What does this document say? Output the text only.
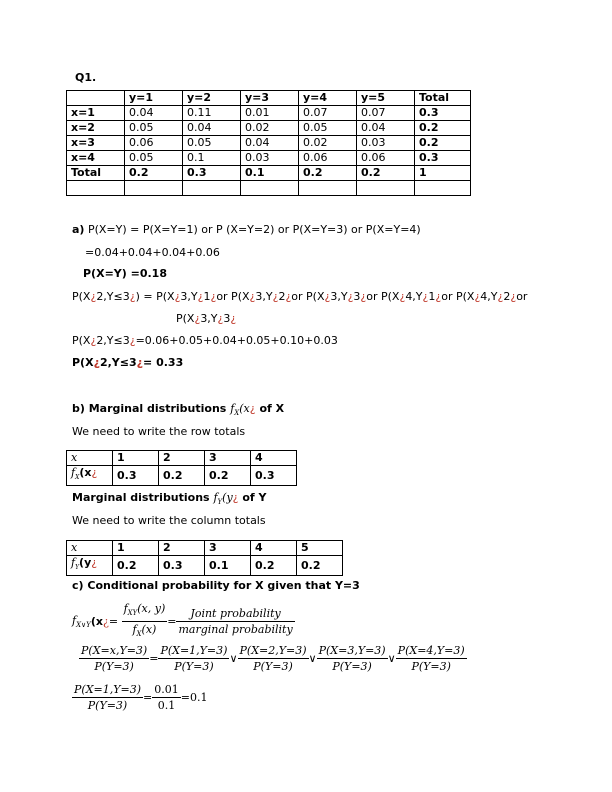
Q1.
	y=1	y=2	y=3	y=4	y=5	Total
x=1	0.04	0.11	0.01	0.07	0.07	0.3
x=2	0.05	0.04	0.02	0.05	0.04	0.2
x=3	0.06	0.05	0.04	0.02	0.03	0.2
x=4	0.05	0.1	0.03	0.06	0.06	0.3
Total	0.2	0.3	0.1	0.2	0.2	1

a) P(X=Y) = P(X=Y=1) or P (X=Y=2) or P(X=Y=3) or P(X=Y=4)
=0.04+0.04+0.04+0.06
P(X=Y) =0.18
P(X¿2,Y≤3¿) = P(X¿3,Y¿1¿or P(X¿3,Y¿2¿or P(X¿3,Y¿3¿or P(X¿4,Y¿1¿or P(X¿4,Y¿2¿or
P(X¿3,Y¿3¿
P(X¿2,Y≤3¿=0.06+0.05+0.04+0.05+0.10+0.03
P(X¿2,Y≤3¿= 0.33
b) Marginal distributions $f_X(x¿$ of X
We need to write the row totals
x	1	2	3	4
$f_X(x¿$	0.3	0.2	0.2	0.3
Marginal distributions $f_Y(y¿$ of Y
We need to write the column totals
x	1	2	3	4	5
$f_Y(y¿$	0.2	0.3	0.1	0.2	0.2
c) Conditional probability for X given that Y=3
$f_{X\vee Y}(x¿= \frac{f_{XY}(x, y)}{f_X(x)} = \frac{\text{Joint probability}}{\text{marginal probability}}$
$\frac{P(X=x,Y=3)}{P(Y=3)} = \frac{P(X=1,Y=3)}{P(Y=3)}$ ∨ $\frac{P(X=2,Y=3)}{P(Y=3)}$ ∨ $\frac{P(X=3,Y=3)}{P(Y=3)}$ ∨ $\frac{P(X=4,Y=3)}{P(Y=3)}$
$\frac{P(X=1,Y=3)}{P(Y=3)} = \frac{0.01}{0.1} =0.1$
